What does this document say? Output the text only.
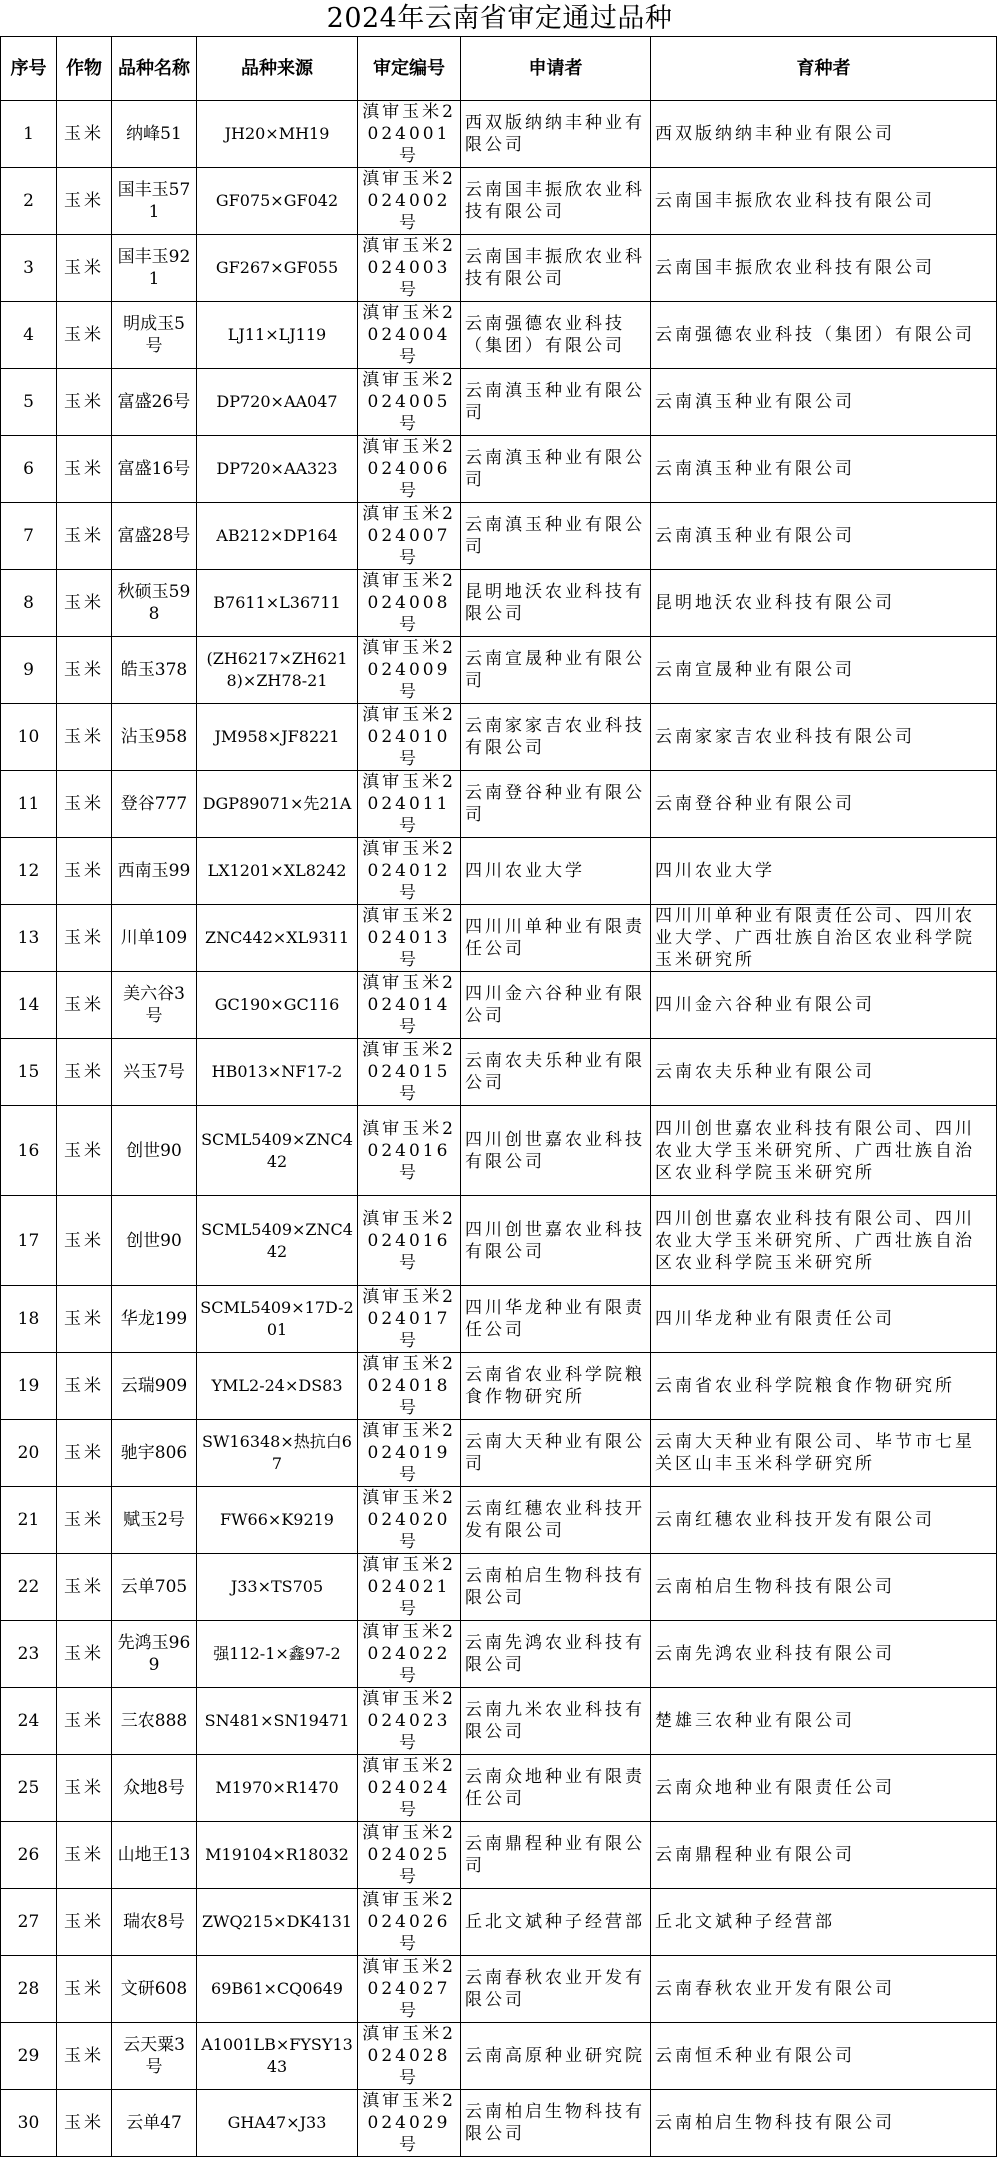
2024年云南省审定通过品种
序号	作物	品种名称	品种来源	审定编号	申请者	育种者
1	玉米	纳峰51	JH20×MH19	滇审玉米2024001号	西双版纳纳丰种业有限公司	西双版纳纳丰种业有限公司
2	玉米	国丰玉571	GF075×GF042	滇审玉米2024002号	云南国丰振欣农业科技有限公司	云南国丰振欣农业科技有限公司
3	玉米	国丰玉921	GF267×GF055	滇审玉米2024003号	云南国丰振欣农业科技有限公司	云南国丰振欣农业科技有限公司
4	玉米	明成玉5号	LJ11×LJ119	滇审玉米2024004号	云南强德农业科技（集团）有限公司	云南强德农业科技（集团）有限公司
5	玉米	富盛26号	DP720×AA047	滇审玉米2024005号	云南滇玉种业有限公司	云南滇玉种业有限公司
6	玉米	富盛16号	DP720×AA323	滇审玉米2024006号	云南滇玉种业有限公司	云南滇玉种业有限公司
7	玉米	富盛28号	AB212×DP164	滇审玉米2024007号	云南滇玉种业有限公司	云南滇玉种业有限公司
8	玉米	秋硕玉598	B7611×L36711	滇审玉米2024008号	昆明地沃农业科技有限公司	昆明地沃农业科技有限公司
9	玉米	皓玉378	(ZH6217×ZH6218)×ZH78-21	滇审玉米2024009号	云南宣晟种业有限公司	云南宣晟种业有限公司
10	玉米	沾玉958	JM958×JF8221	滇审玉米2024010号	云南家家吉农业科技有限公司	云南家家吉农业科技有限公司
11	玉米	登谷777	DGP89071×先21A	滇审玉米2024011号	云南登谷种业有限公司	云南登谷种业有限公司
12	玉米	西南玉99	LX1201×XL8242	滇审玉米2024012号	四川农业大学	四川农业大学
13	玉米	川单109	ZNC442×XL9311	滇审玉米2024013号	四川川单种业有限责任公司	四川川单种业有限责任公司、四川农业大学、广西壮族自治区农业科学院玉米研究所
14	玉米	美六谷3号	GC190×GC116	滇审玉米2024014号	四川金六谷种业有限公司	四川金六谷种业有限公司
15	玉米	兴玉7号	HB013×NF17-2	滇审玉米2024015号	云南农夫乐种业有限公司	云南农夫乐种业有限公司
16	玉米	创世90	SCML5409×ZNC442	滇审玉米2024016号	四川创世嘉农业科技有限公司	四川创世嘉农业科技有限公司、四川农业大学玉米研究所、广西壮族自治区农业科学院玉米研究所
17	玉米	创世90	SCML5409×ZNC442	滇审玉米2024016号	四川创世嘉农业科技有限公司	四川创世嘉农业科技有限公司、四川农业大学玉米研究所、广西壮族自治区农业科学院玉米研究所
18	玉米	华龙199	SCML5409×17D-201	滇审玉米2024017号	四川华龙种业有限责任公司	四川华龙种业有限责任公司
19	玉米	云瑞909	YML2-24×DS83	滇审玉米2024018号	云南省农业科学院粮食作物研究所	云南省农业科学院粮食作物研究所
20	玉米	驰宇806	SW16348×热抗白67	滇审玉米2024019号	云南大天种业有限公司	云南大天种业有限公司、毕节市七星关区山丰玉米科学研究所
21	玉米	赋玉2号	FW66×K9219	滇审玉米2024020号	云南红穗农业科技开发有限公司	云南红穗农业科技开发有限公司
22	玉米	云单705	J33×TS705	滇审玉米2024021号	云南柏启生物科技有限公司	云南柏启生物科技有限公司
23	玉米	先鸿玉969	强112-1×鑫97-2	滇审玉米2024022号	云南先鸿农业科技有限公司	云南先鸿农业科技有限公司
24	玉米	三农888	SN481×SN19471	滇审玉米2024023号	云南九米农业科技有限公司	楚雄三农种业有限公司
25	玉米	众地8号	M1970×R1470	滇审玉米2024024号	云南众地种业有限责任公司	云南众地种业有限责任公司
26	玉米	山地王13	M19104×R18032	滇审玉米2024025号	云南鼎程种业有限公司	云南鼎程种业有限公司
27	玉米	瑞农8号	ZWQ215×DK4131	滇审玉米2024026号	丘北文斌种子经营部	丘北文斌种子经营部
28	玉米	文研608	69B61×CQ0649	滇审玉米2024027号	云南春秋农业开发有限公司	云南春秋农业开发有限公司
29	玉米	云天粟3号	A1001LB×FYSY1343	滇审玉米2024028号	云南高原种业研究院	云南恒禾种业有限公司
30	玉米	云单47	GHA47×J33	滇审玉米2024029号	云南柏启生物科技有限公司	云南柏启生物科技有限公司
